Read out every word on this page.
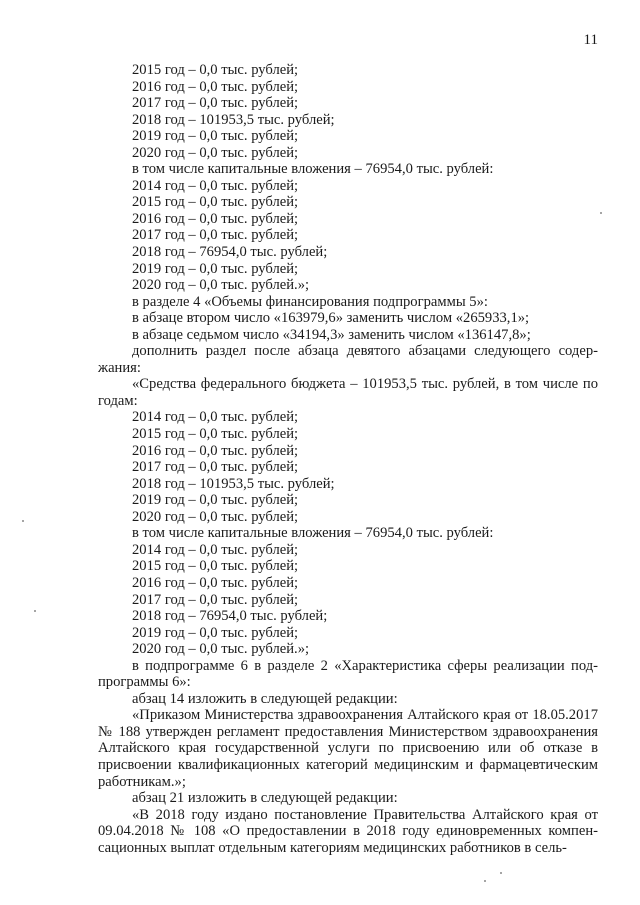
11
2015 год – 0,0 тыс. рублей;
2016 год – 0,0 тыс. рублей;
2017 год – 0,0 тыс. рублей;
2018 год – 101953,5 тыс. рублей;
2019 год – 0,0 тыс. рублей;
2020 год – 0,0 тыс. рублей;
в том числе капитальные вложения – 76954,0 тыс. рублей:
2014 год – 0,0 тыс. рублей;
2015 год – 0,0 тыс. рублей;
2016 год – 0,0 тыс. рублей;
2017 год – 0,0 тыс. рублей;
2018 год – 76954,0 тыс. рублей;
2019 год – 0,0 тыс. рублей;
2020 год – 0,0 тыс. рублей.»;
в разделе 4 «Объемы финансирования подпрограммы 5»:
в абзаце втором число «163979,6» заменить числом «265933,1»;
в абзаце седьмом число «34194,3» заменить числом «136147,8»;
дополнить раздел после абзаца девятого абзацами следующего содер-жания:
«Средства федерального бюджета – 101953,5 тыс. рублей, в том числе по годам:
2014 год – 0,0 тыс. рублей;
2015 год – 0,0 тыс. рублей;
2016 год – 0,0 тыс. рублей;
2017 год – 0,0 тыс. рублей;
2018 год – 101953,5 тыс. рублей;
2019 год – 0,0 тыс. рублей;
2020 год – 0,0 тыс. рублей;
в том числе капитальные вложения – 76954,0 тыс. рублей:
2014 год – 0,0 тыс. рублей;
2015 год – 0,0 тыс. рублей;
2016 год – 0,0 тыс. рублей;
2017 год – 0,0 тыс. рублей;
2018 год – 76954,0 тыс. рублей;
2019 год – 0,0 тыс. рублей;
2020 год – 0,0 тыс. рублей.»;
в подпрограмме 6 в разделе 2 «Характеристика сферы реализации под-программы 6»:
абзац 14 изложить в следующей редакции:
«Приказом Министерства здравоохранения Алтайского края от 18.05.2017 № 188 утвержден регламент предоставления Министерством здравоохранения Алтайского края государственной услуги по присвоению или об отказе в присвоении квалификационных категорий медицинским и фармацевтическим работникам.»;
абзац 21 изложить в следующей редакции:
«В 2018 году издано постановление Правительства Алтайского края от 09.04.2018 № 108 «О предоставлении в 2018 году единовременных компен-сационных выплат отдельным категориям медицинских работников в сель-
